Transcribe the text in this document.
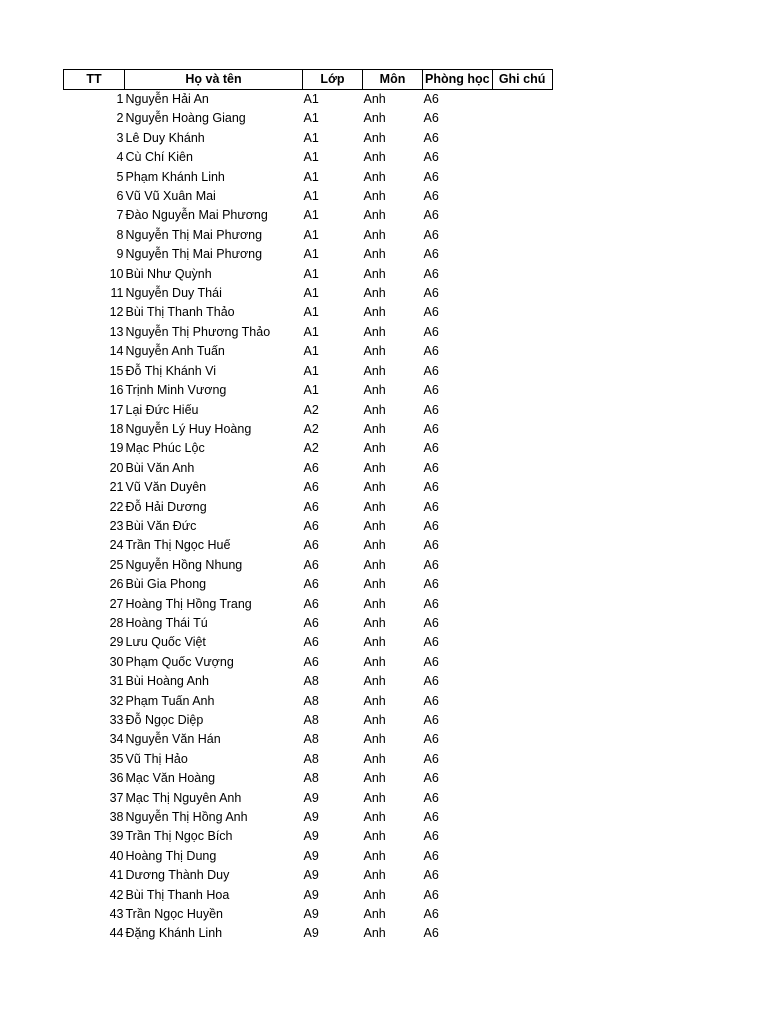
TT	Họ và tên	Lớp	Môn	Phòng học	Ghi chú
1	Nguyễn Hải An	A1	Anh	A6	
2	Nguyễn Hoàng Giang	A1	Anh	A6	
3	Lê Duy Khánh	A1	Anh	A6	
4	Cù Chí Kiên	A1	Anh	A6	
5	Phạm Khánh Linh	A1	Anh	A6	
6	Vũ Vũ Xuân Mai	A1	Anh	A6	
7	Đào Nguyễn Mai Phương	A1	Anh	A6	
8	Nguyễn Thị Mai Phương	A1	Anh	A6	
9	Nguyễn Thị Mai Phương	A1	Anh	A6	
10	Bùi Như Quỳnh	A1	Anh	A6	
11	Nguyễn Duy Thái	A1	Anh	A6	
12	Bùi Thị Thanh Thảo	A1	Anh	A6	
13	Nguyễn Thị Phương Thảo	A1	Anh	A6	
14	Nguyễn Anh Tuấn	A1	Anh	A6	
15	Đỗ Thị Khánh Vi	A1	Anh	A6	
16	Trịnh Minh Vương	A1	Anh	A6	
17	Lại Đức Hiếu	A2	Anh	A6	
18	Nguyễn Lý Huy Hoàng	A2	Anh	A6	
19	Mạc Phúc Lộc	A2	Anh	A6	
20	Bùi Văn Anh	A6	Anh	A6	
21	Vũ Văn Duyên	A6	Anh	A6	
22	Đỗ Hải Dương	A6	Anh	A6	
23	Bùi Văn Đức	A6	Anh	A6	
24	Trần Thị Ngọc Huế	A6	Anh	A6	
25	Nguyễn Hồng Nhung	A6	Anh	A6	
26	Bùi Gia Phong	A6	Anh	A6	
27	Hoàng Thị Hồng Trang	A6	Anh	A6	
28	Hoàng Thái Tú	A6	Anh	A6	
29	Lưu Quốc Việt	A6	Anh	A6	
30	Phạm Quốc Vượng	A6	Anh	A6	
31	Bùi Hoàng Anh	A8	Anh	A6	
32	Phạm Tuấn Anh	A8	Anh	A6	
33	Đỗ Ngọc Diệp	A8	Anh	A6	
34	Nguyễn Văn Hán	A8	Anh	A6	
35	Vũ Thị Hảo	A8	Anh	A6	
36	Mạc Văn Hoàng	A8	Anh	A6	
37	Mạc Thị Nguyên Anh	A9	Anh	A6	
38	Nguyễn Thị Hồng Anh	A9	Anh	A6	
39	Trần Thị Ngọc Bích	A9	Anh	A6	
40	Hoàng Thị Dung	A9	Anh	A6	
41	Dương Thành Duy	A9	Anh	A6	
42	Bùi Thị Thanh Hoa	A9	Anh	A6	
43	Trần Ngọc Huyền	A9	Anh	A6	
44	Đặng Khánh Linh	A9	Anh	A6	
